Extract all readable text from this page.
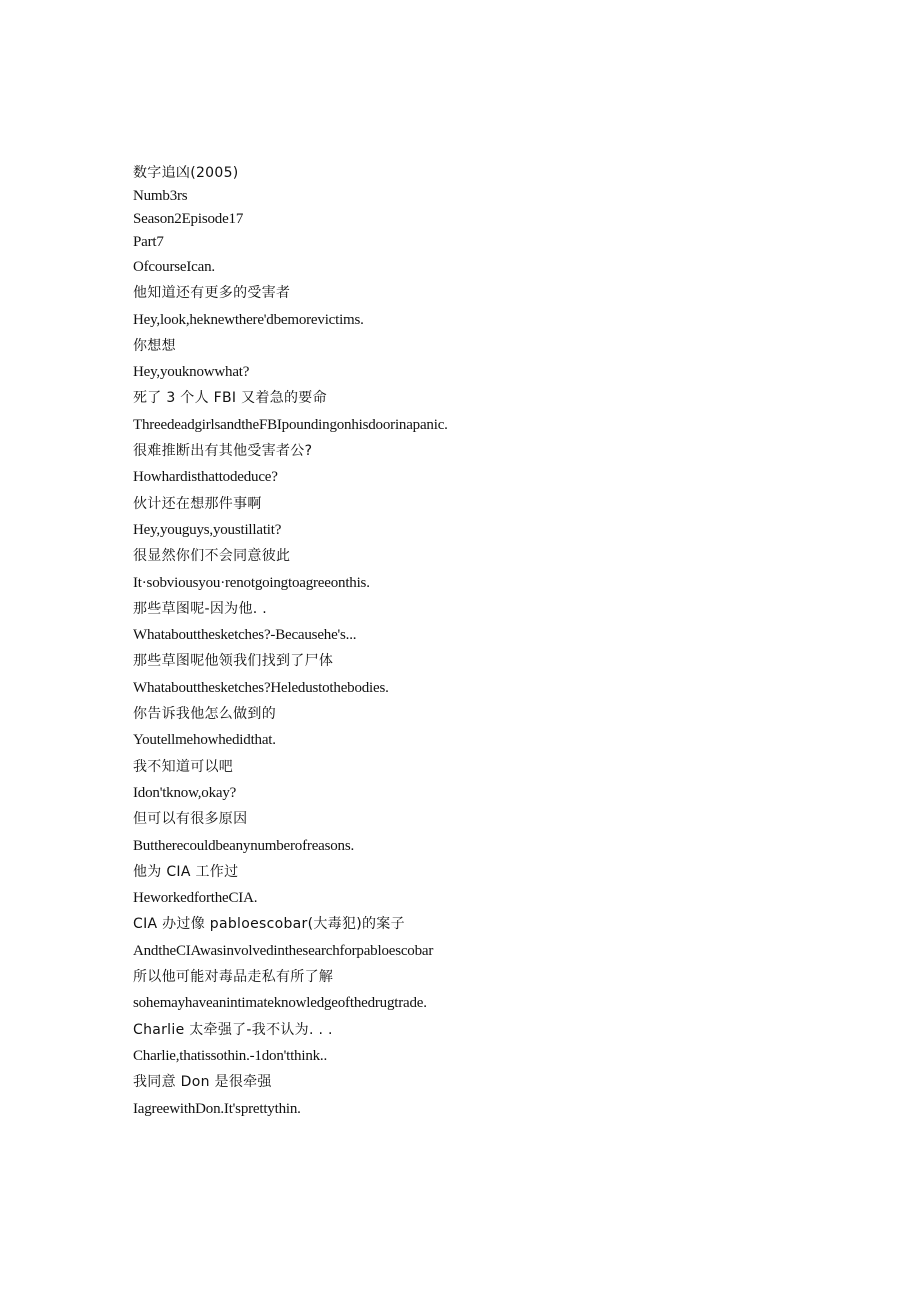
数字追凶(2005)

Numb3rs

Season2Episode17

Part7

OfcourseIcan.

他知道还有更多的受害者

Hey,look,heknewthere'dbemorevictims.

你想想

Hey,youknowwhat?

死了 3 个人 FBI 又着急的要命

ThreedeadgirlsandtheFBIpoundingonhisdoorinapanic.

很难推断出有其他受害者公?

Howhardisthattodeduce?

伙计还在想那件事啊

Hey,youguys,youstillatit?

很显然你们不会同意彼此

It·sobviousyou·renotgoingtoagreeonthis.

那些草图呢-因为他. .

Whataboutthesketches?-Becausehe's...

那些草图呢他领我们找到了尸体

Whataboutthesketches?Heledustothebodies.

你告诉我他怎么做到的

Youtellmehowhedidthat.

我不知道可以吧

Idon'tknow,okay?

但可以有很多原因

Buttherecouldbeanynumberofreasons.

他为 CIA 工作过

HeworkedfortheCIA.

CIA 办过像 pabloescobar(大毒犯)的案子

AndtheCIAwasinvolvedinthesearchforpabloescobar

所以他可能对毒品走私有所了解

sohemayhaveanintimateknowledgeofthedrugtrade.

Charlie 太牵强了-我不认为. . .

Charlie,thatissothin.-1don'tthink..

我同意 Don 是很牵强

IagreewithDon.It'sprettythin.
